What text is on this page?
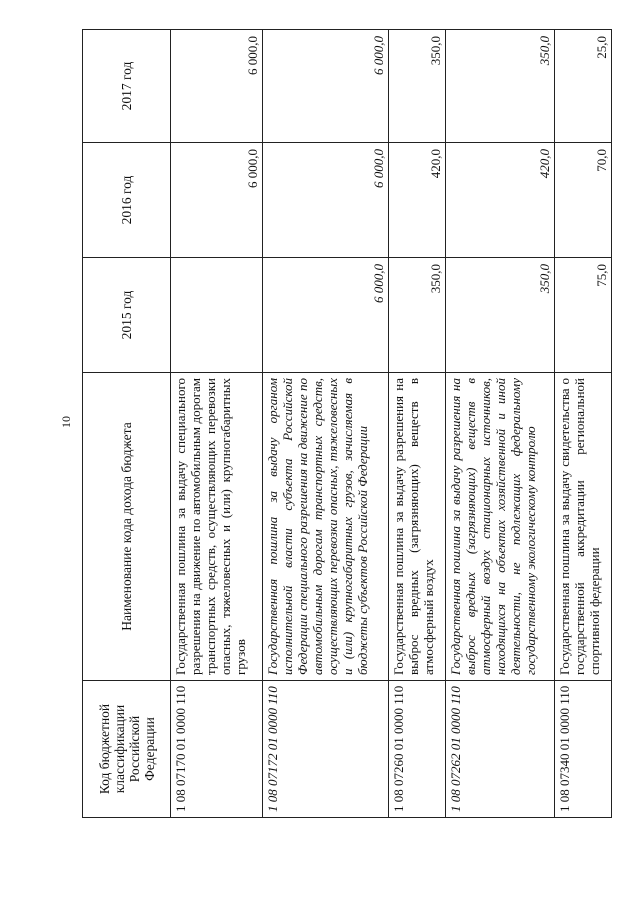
10
Код бюджетной классификации Российской Федерации	Наименование кода дохода бюджета	2015 год	2016 год	2017 год
1 08 07170 01 0000 110	Государственная пошлина за выдачу специального разрешения на движение по автомобильным дорогам транспортных средств, осуществляющих перевозки опасных, тяжеловесных и (или) крупногабаритных грузов		6 000,0	6 000,0
1 08 07172 01 0000 110	Государственная пошлина за выдачу органом исполнительной власти субъекта Российской Федерации специального разрешения на движение по автомобильным дорогам транспортных средств, осуществляющих перевозки опасных, тяжеловесных и (или) крупногабаритных грузов, зачисляемая в бюджеты субъектов Российской Федерации	6 000,0	6 000,0	6 000,0
1 08 07260 01 0000 110	Государственная пошлина за выдачу разрешения на выброс вредных (загрязняющих) веществ в атмосферный воздух	350,0	420,0	350,0
1 08 07262 01 0000 110	Государственная пошлина за выдачу разрешения на выброс вредных (загрязняющих) веществ в атмосферный воздух стационарных источников, находящихся на объектах хозяйственной и иной деятельности, не подлежащих федеральному государственному экологическому контролю	350,0	420,0	350,0
1 08 07340 01 0000 110	Государственная пошлина за выдачу свидетельства о государственной аккредитации региональной спортивной федерации	75,0	70,0	25,0
